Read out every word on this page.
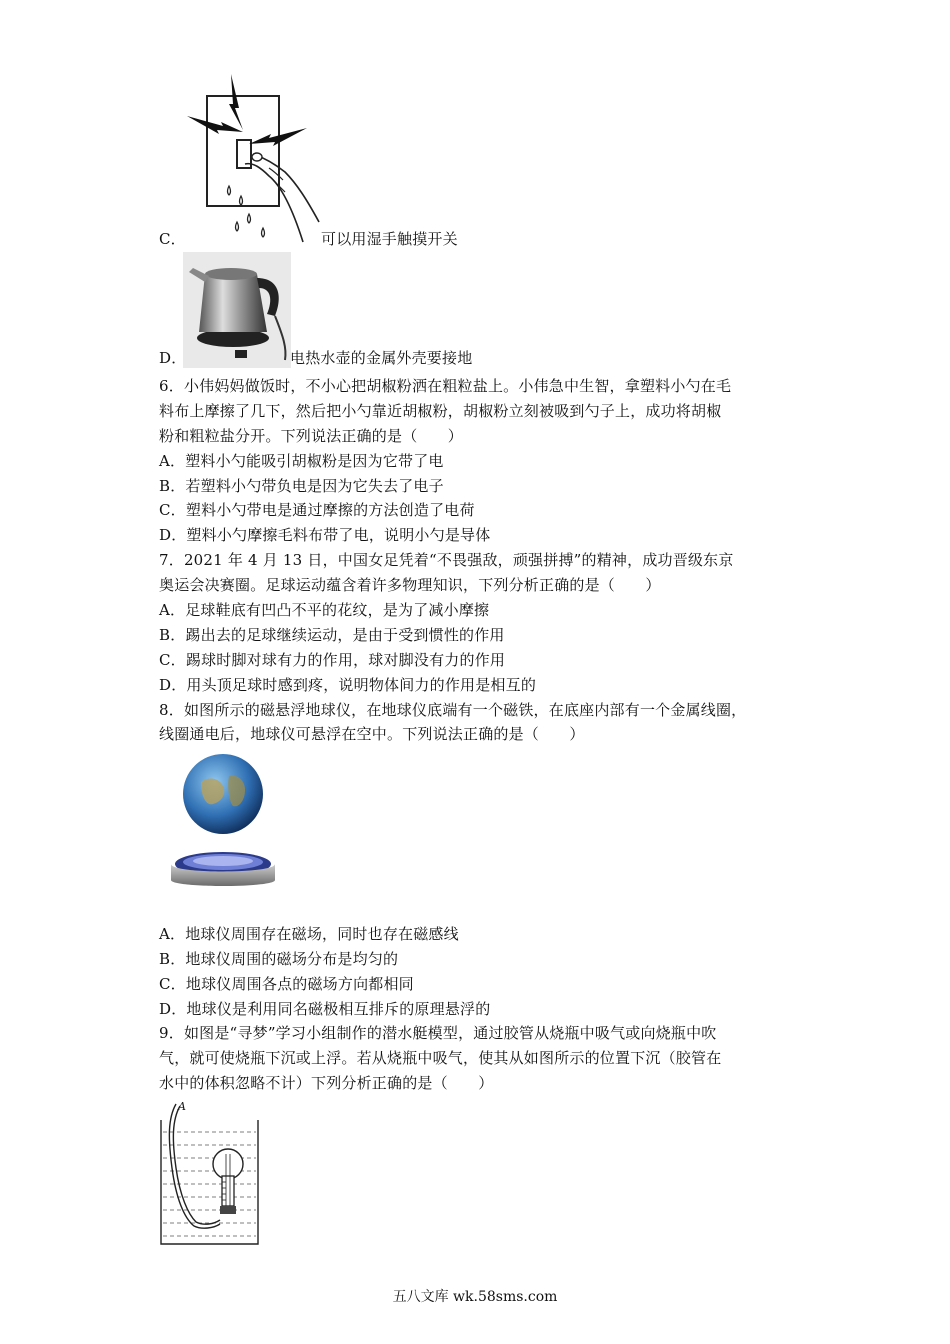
C．	可以用湿手触摸开关
D．	电热水壶的金属外壳要接地
6．小伟妈妈做饭时，不小心把胡椒粉洒在粗粒盐上。小伟急中生智，拿塑料小勺在毛
料布上摩擦了几下，然后把小勺靠近胡椒粉，胡椒粉立刻被吸到勺子上，成功将胡椒
粉和粗粒盐分开。下列说法正确的是（　　）
A．塑料小勺能吸引胡椒粉是因为它带了电
B．若塑料小勺带负电是因为它失去了电子
C．塑料小勺带电是通过摩擦的方法创造了电荷
D．塑料小勺摩擦毛料布带了电，说明小勺是导体
7．2021 年 4 月 13 日，中国女足凭着“不畏强敌，顽强拼搏”的精神，成功晋级东京
奥运会决赛圈。足球运动蕴含着许多物理知识，下列分析正确的是（　　）
A．足球鞋底有凹凸不平的花纹，是为了减小摩擦
B．踢出去的足球继续运动，是由于受到惯性的作用
C．踢球时脚对球有力的作用，球对脚没有力的作用
D．用头顶足球时感到疼，说明物体间力的作用是相互的
8．如图所示的磁悬浮地球仪，在地球仪底端有一个磁铁，在底座内部有一个金属线圈，
线圈通电后，地球仪可悬浮在空中。下列说法正确的是（　　）
A．地球仪周围存在磁场，同时也存在磁感线
B．地球仪周围的磁场分布是均匀的
C．地球仪周围各点的磁场方向都相同
D．地球仪是利用同名磁极相互排斥的原理悬浮的
9．如图是“寻梦”学习小组制作的潜水艇模型，通过胶管从烧瓶中吸气或向烧瓶中吹
气，就可使烧瓶下沉或上浮。若从烧瓶中吸气，使其从如图所示的位置下沉（胶管在
水中的体积忽略不计）下列分析正确的是（　　）
A
五八文库 wk.58sms.com
